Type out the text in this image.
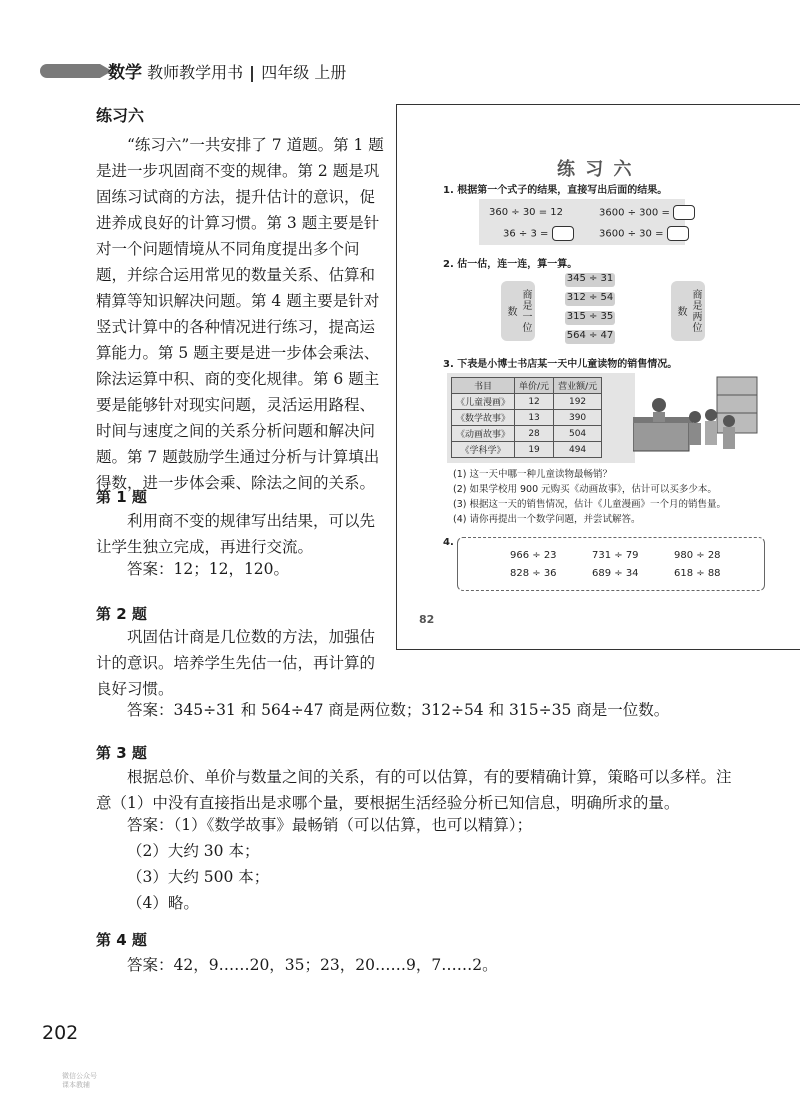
数学 教师教学用书 四年级 上册
练习六

“练习六”一共安排了 7 道题。第 1 题是进一步巩固商不变的规律。第 2 题是巩固练习试商的方法，提升估计的意识，促进养成良好的计算习惯。第 3 题主要是针对一个问题情境从不同角度提出多个问题，并综合运用常见的数量关系、估算和精算等知识解决问题。第 4 题主要是针对竖式计算中的各种情况进行练习，提高运算能力。第 5 题主要是进一步体会乘法、除法运算中积、商的变化规律。第 6 题主要是能够针对现实问题，灵活运用路程、时间与速度之间的关系分析问题和解决问题。第 7 题鼓励学生通过分析与计算填出得数，进一步体会乘、除法之间的关系。

第 1 题

利用商不变的规律写出结果，可以先让学生独立完成，再进行交流。

答案：12；12，120。

第 2 题

巩固估计商是几位数的方法，加强估计的意识。培养学生先估一估，再计算的良好习惯。

答案：345÷31 和 564÷47 商是两位数；312÷54 和 315÷35 商是一位数。

第 3 题

根据总价、单价与数量之间的关系，有的可以估算，有的要精确计算，策略可以多样。注意（1）中没有直接指出是求哪个量，要根据生活经验分析已知信息，明确所求的量。

答案：（1）《数学故事》最畅销（可以估算，也可以精算）；

（2）大约 30 本；

（3）大约 500 本；

（4）略。

第 4 题

答案：42，9……20，35；23，20……9，7……2。

202
微信公众号
课本教辅
练 习 六
1. 根据第一个式子的结果，直接写出后面的结果。
360 ÷ 30 = 12	3600 ÷ 300 =
36 ÷ 3 =	3600 ÷ 30 =
2. 估一估，连一连，算一算。
商是一位数	商是两位数
345 ÷ 31
312 ÷ 54
315 ÷ 35
564 ÷ 47
3. 下表是小博士书店某一天中儿童读物的销售情况。
书目	单价/元	营业额/元
《儿童漫画》	12	192
《数学故事》	13	390
《动画故事》	28	504
《学科学》	19	494
(1) 这一天中哪一种儿童读物最畅销？
(2) 如果学校用 900 元购买《动画故事》，估计可以买多少本。
(3) 根据这一天的销售情况，估计《儿童漫画》一个月的销售量。
(4) 请你再提出一个数学问题，并尝试解答。
4.
966 ÷ 23	731 ÷ 79	980 ÷ 28
828 ÷ 36	689 ÷ 34	618 ÷ 88
82
